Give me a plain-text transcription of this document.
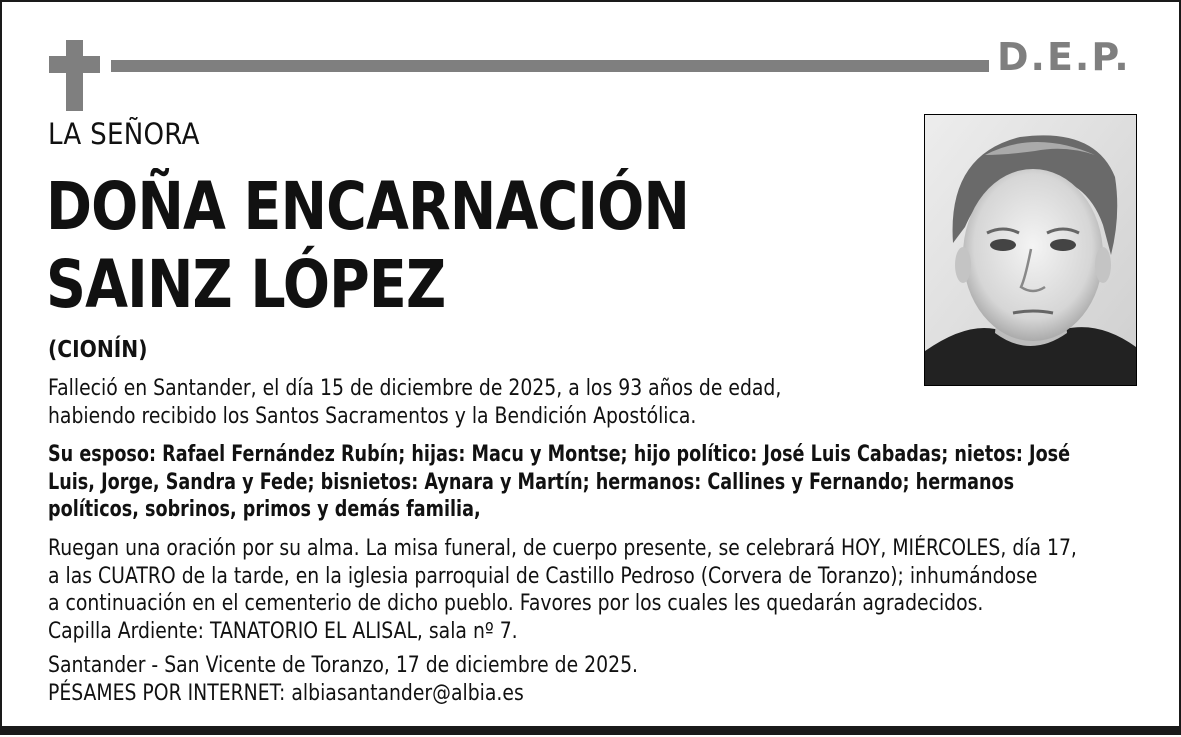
D.E.P.
LA SEÑORA
DOÑA ENCARNACIÓN
SAINZ LÓPEZ
(CIONÍN)
Falleció en Santander, el día 15 de diciembre de 2025, a los 93 años de edad,
habiendo recibido los Santos Sacramentos y la Bendición Apostólica.
Su esposo: Rafael Fernández Rubín; hijas: Macu y Montse; hijo político: José Luis Cabadas; nietos: José
Luis, Jorge, Sandra y Fede; bisnietos: Aynara y Martín; hermanos: Callines y Fernando; hermanos
políticos, sobrinos, primos y demás familia,
Ruegan una oración por su alma. La misa funeral, de cuerpo presente, se celebrará HOY, MIÉRCOLES, día 17,
a las CUATRO de la tarde, en la iglesia parroquial de Castillo Pedroso (Corvera de Toranzo); inhumándose
a continuación en el cementerio de dicho pueblo. Favores por los cuales les quedarán agradecidos.
Capilla Ardiente: TANATORIO EL ALISAL, sala nº 7.
Santander - San Vicente de Toranzo, 17 de diciembre de 2025.
PÉSAMES POR INTERNET: albiasantander@albia.es
